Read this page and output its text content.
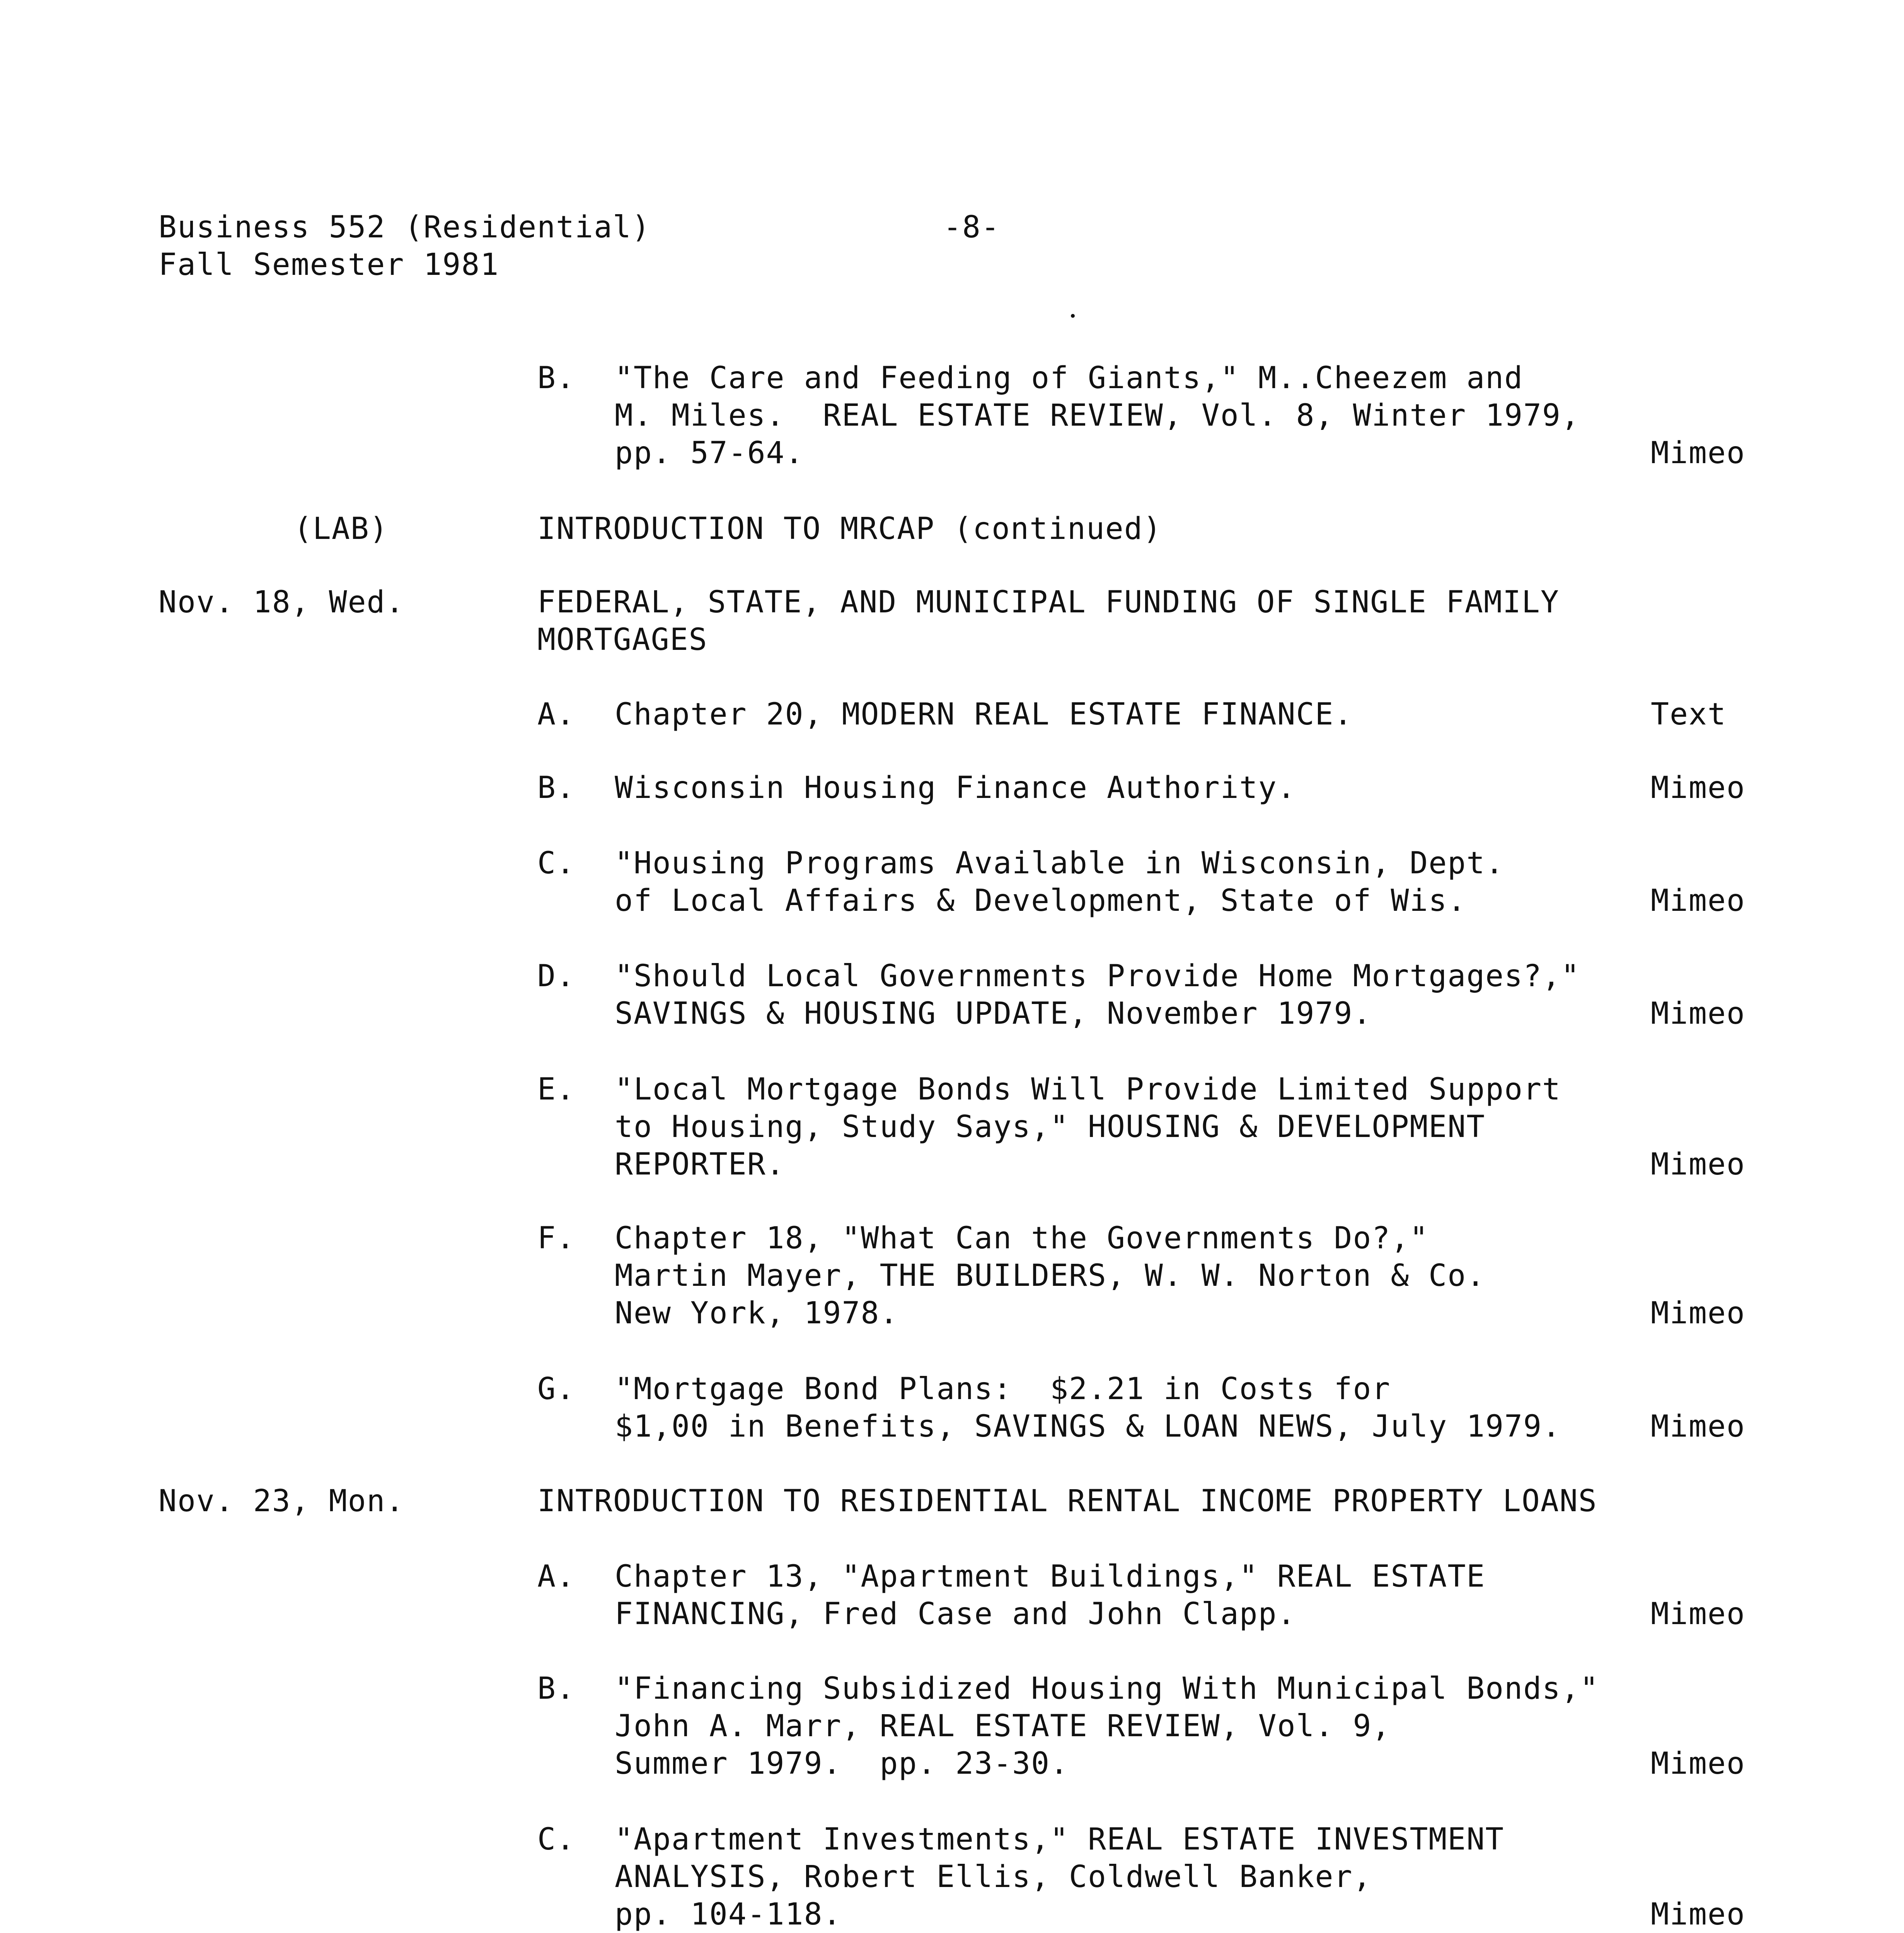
Business 552 (Residential)
Fall Semester 1981
-8-
B. "The Care and Feeding of Giants," M..Cheezem and
M. Miles.  REAL ESTATE REVIEW, Vol. 8, Winter 1979,
pp. 57-64.	Mimeo
(LAB)	INTRODUCTION TO MRCAP (continued)
Nov. 18, Wed.	FEDERAL, STATE, AND MUNICIPAL FUNDING OF SINGLE FAMILY
MORTGAGES
A. Chapter 20, MODERN REAL ESTATE FINANCE.	Text
B. Wisconsin Housing Finance Authority.	Mimeo
C. "Housing Programs Available in Wisconsin, Dept.
of Local Affairs & Development, State of Wis.	Mimeo
D. "Should Local Governments Provide Home Mortgages?,"
SAVINGS & HOUSING UPDATE, November 1979.	Mimeo
E. "Local Mortgage Bonds Will Provide Limited Support
to Housing, Study Says," HOUSING & DEVELOPMENT
REPORTER.	Mimeo
F. Chapter 18, "What Can the Governments Do?,"
Martin Mayer, THE BUILDERS, W. W. Norton & Co.
New York, 1978.	Mimeo
G. "Mortgage Bond Plans:  $2.21 in Costs for
$1,00 in Benefits, SAVINGS & LOAN NEWS, July 1979.	Mimeo
Nov. 23, Mon.	INTRODUCTION TO RESIDENTIAL RENTAL INCOME PROPERTY LOANS
A. Chapter 13, "Apartment Buildings," REAL ESTATE
FINANCING, Fred Case and John Clapp.	Mimeo
B. "Financing Subsidized Housing With Municipal Bonds,"
John A. Marr, REAL ESTATE REVIEW, Vol. 9,
Summer 1979.  pp. 23-30.	Mimeo
C. "Apartment Investments," REAL ESTATE INVESTMENT
ANALYSIS, Robert Ellis, Coldwell Banker,
pp. 104-118.	Mimeo
